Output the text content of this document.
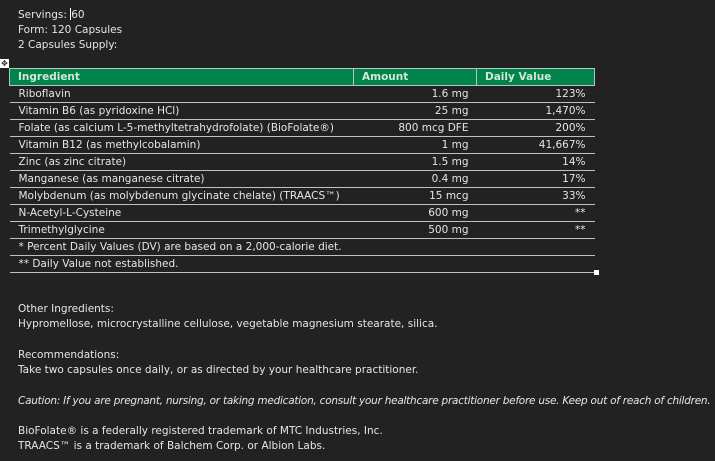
Servings: 60
Form: 120 Capsules
2 Capsules Supply:
✥
Ingredient	Amount	Daily Value
Riboflavin	1.6 mg	123%
Vitamin B6 (as pyridoxine HCl)	25 mg	1,470%
Folate (as calcium L-5-methyltetrahydrofolate) (BioFolate®)	800 mcg DFE	200%
Vitamin B12 (as methylcobalamin)	1 mg	41,667%
Zinc (as zinc citrate)	1.5 mg	14%
Manganese (as manganese citrate)	0.4 mg	17%
Molybdenum (as molybdenum glycinate chelate) (TRAACS™)	15 mcg	33%
N-Acetyl-L-Cysteine	600 mg	**
Trimethylglycine	500 mg	**
* Percent Daily Values (DV) are based on a 2,000-calorie diet.		
** Daily Value not established.		
Other Ingredients:
Hypromellose, microcrystalline cellulose, vegetable magnesium stearate, silica.
Recommendations:
Take two capsules once daily, or as directed by your healthcare practitioner.
Caution: If you are pregnant, nursing, or taking medication, consult your healthcare practitioner before use. Keep out of reach of children.
BioFolate® is a federally registered trademark of MTC Industries, Inc.
TRAACS™ is a trademark of Balchem Corp. or Albion Labs.
